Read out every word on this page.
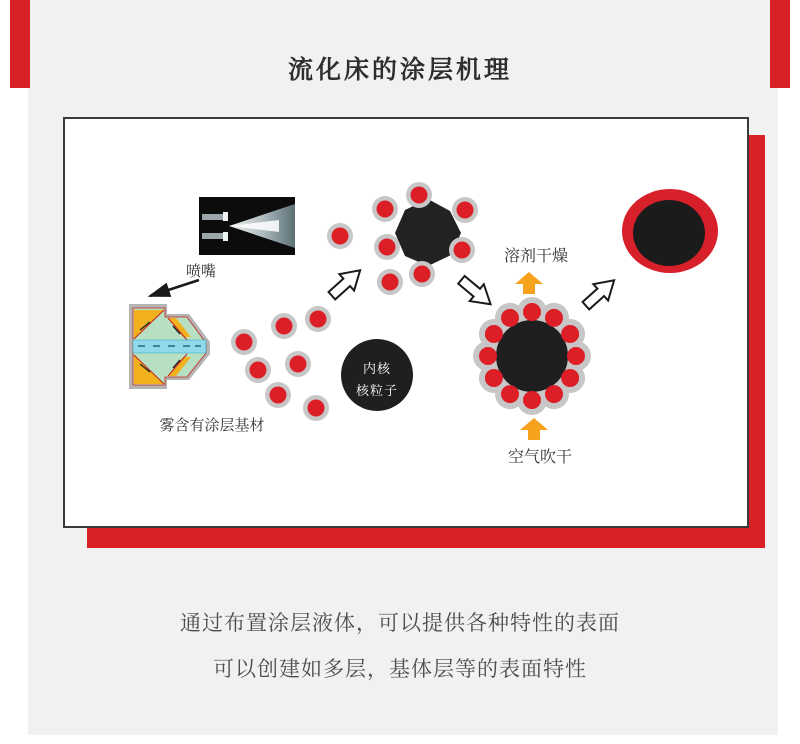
流化床的涂层机理
喷嘴
雾含有涂层基材
溶剂干燥
空气吹干
内核
核粒子

通过布置涂层液体，可以提供各种特性的表面

可以创建如多层，基体层等的表面特性
